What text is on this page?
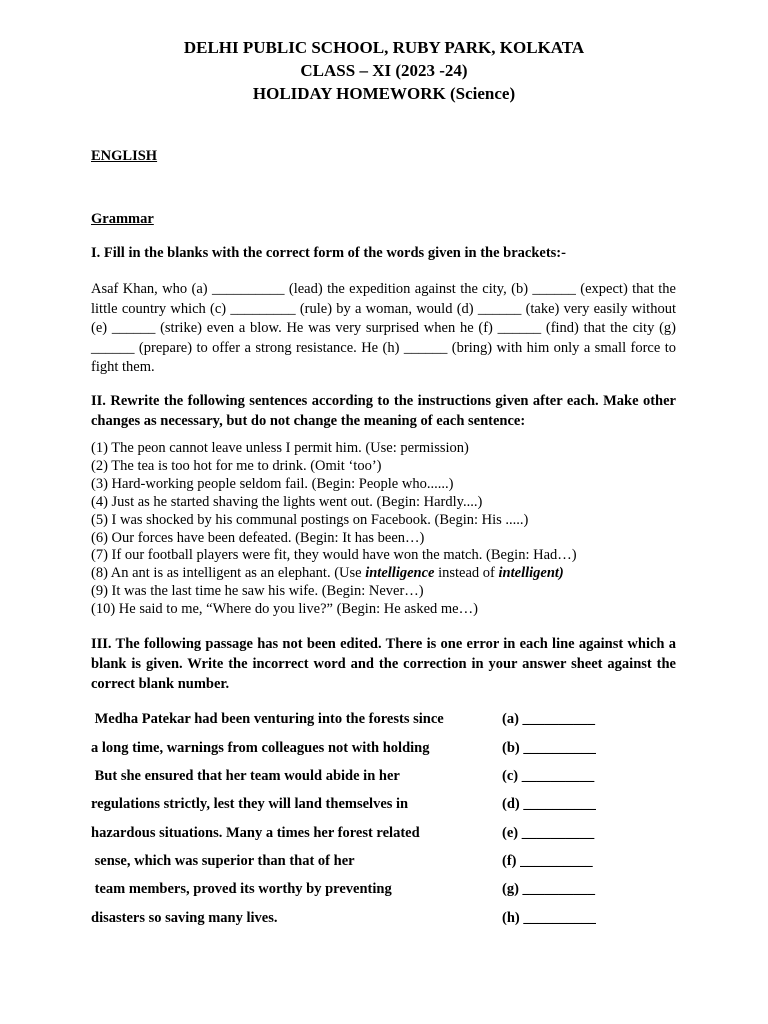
DELHI PUBLIC SCHOOL, RUBY PARK, KOLKATA
CLASS – XI (2023 -24)
HOLIDAY HOMEWORK (Science)
ENGLISH
Grammar
I. Fill in the blanks with the correct form of the words given in the brackets:-
Asaf Khan, who (a) __________ (lead) the expedition against the city, (b) ______ (expect) that the little country which (c) _________ (rule) by a woman, would (d) ______ (take) very easily without (e) ______ (strike) even a blow. He was very surprised when he (f) ______ (find) that the city (g) ______ (prepare) to offer a strong resistance. He (h) ______ (bring) with him only a small force to fight them.
II. Rewrite the following sentences according to the instructions given after each. Make other changes as necessary, but do not change the meaning of each sentence:
(1) The peon cannot leave unless I permit him. (Use: permission)
(2) The tea is too hot for me to drink. (Omit ‘too’)
(3) Hard-working people seldom fail. (Begin: People who......)
(4) Just as he started shaving the lights went out. (Begin: Hardly....)
(5) I was shocked by his communal postings on Facebook. (Begin: His .....)
(6) Our forces have been defeated. (Begin: It has been…)
(7) If our football players were fit, they would have won the match. (Begin: Had…)
(8) An ant is as intelligent as an elephant. (Use intelligence instead of intelligent)
(9) It was the last time he saw his wife. (Begin: Never…)
(10) He said to me, “Where do you live?” (Begin: He asked me…)
III. The following passage has not been edited. There is one error in each line against which a blank is given. Write the incorrect word and the correction in your answer sheet against the correct blank number.
Medha Patekar had been venturing into the forests since	(a) __________
a long time, warnings from colleagues not with holding	(b) __________
But she ensured that her team would abide in her	(c) __________
regulations strictly, lest they will land themselves in	(d) __________
hazardous situations. Many a times her forest related	(e) __________
sense, which was superior than that of her	(f) __________
team members, proved its worthy by preventing	(g) __________
disasters so saving many lives.	(h) __________
